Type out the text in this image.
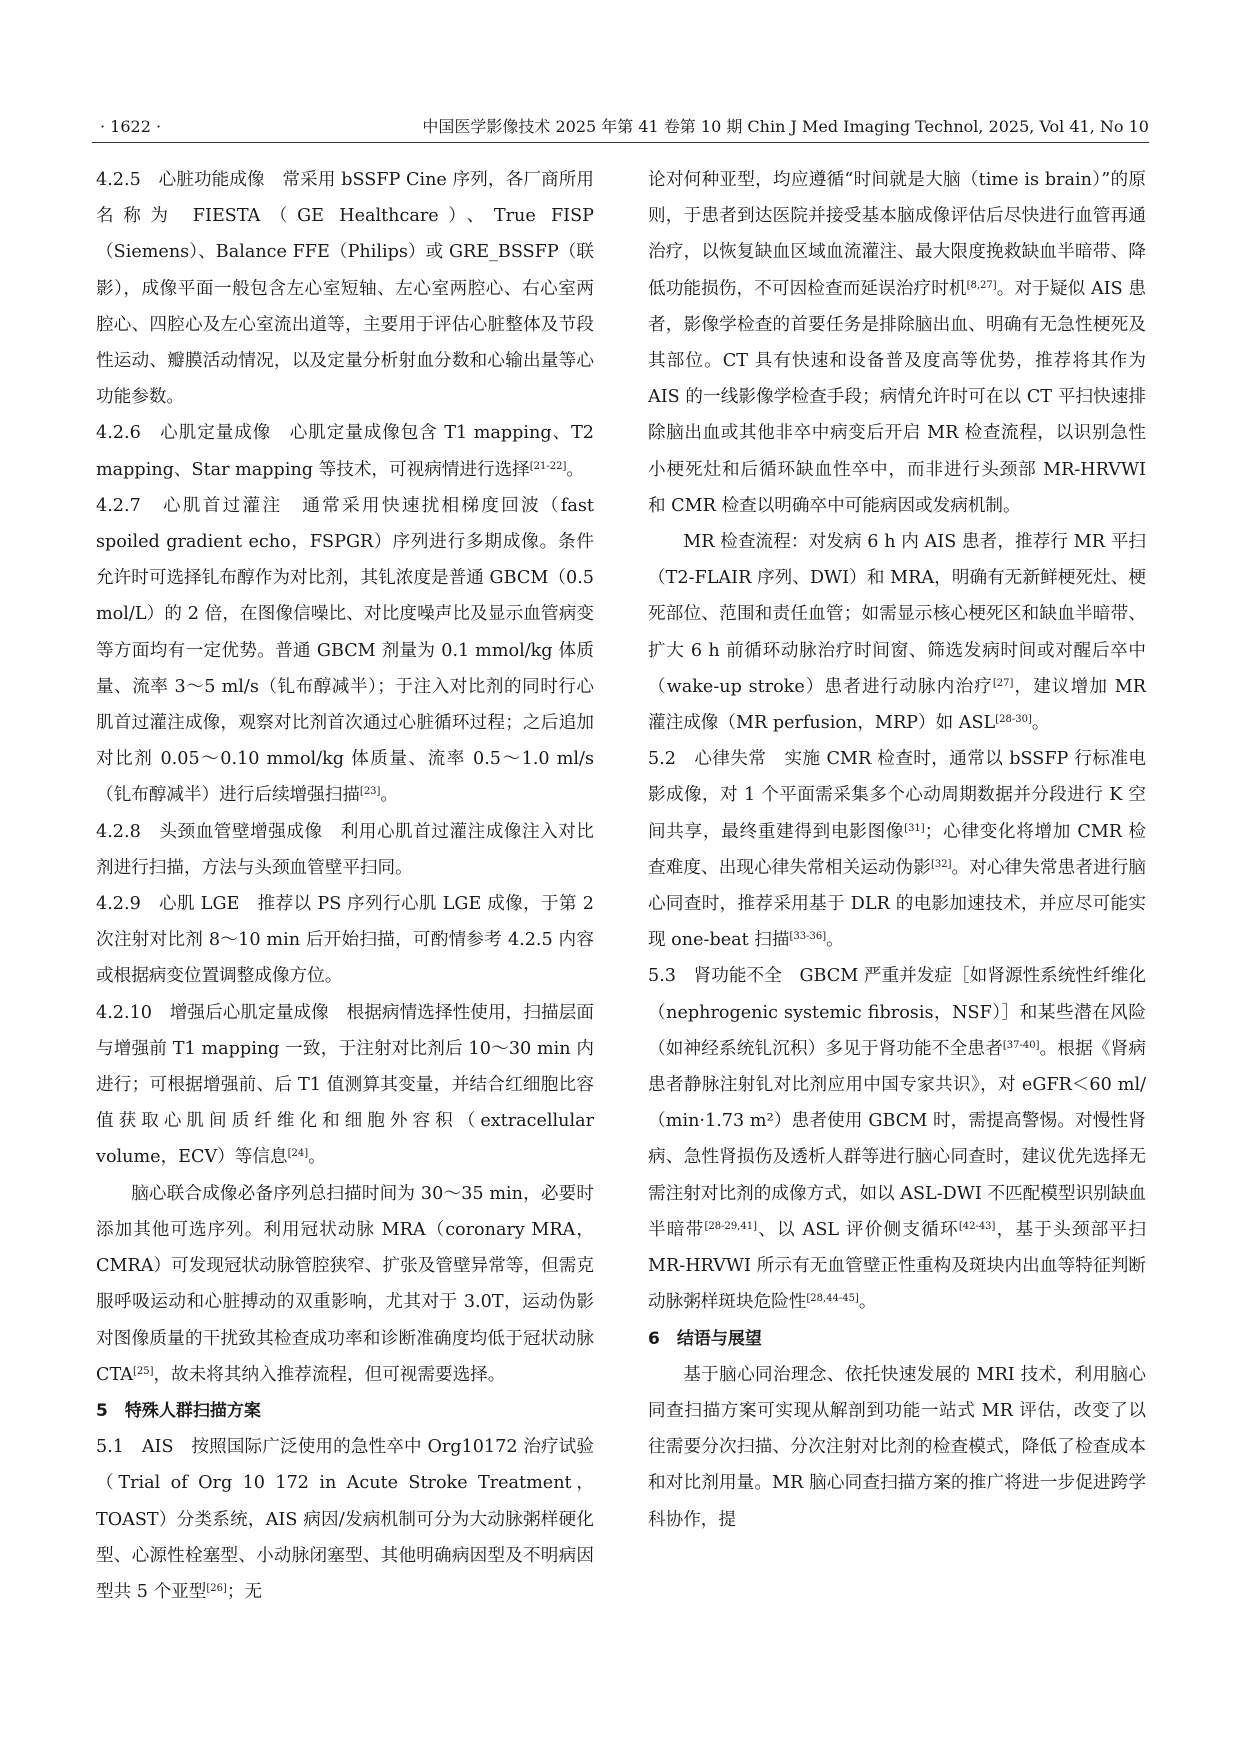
· 1622 ·	中国医学影像技术 2025 年第 41 卷第 10 期 Chin J Med Imaging Technol, 2025, Vol 41, No 10

4.2.5　心脏功能成像　常采用 bSSFP Cine 序列，各厂商所用名称为 FIESTA（GE Healthcare）、True FISP（Siemens）、Balance FFE（Philips）或 GRE_BSSFP（联影），成像平面一般包含左心室短轴、左心室两腔心、右心室两腔心、四腔心及左心室流出道等，主要用于评估心脏整体及节段性运动、瓣膜活动情况，以及定量分析射血分数和心输出量等心功能参数。

4.2.6　心肌定量成像　心肌定量成像包含 T1 mapping、T2 mapping、Star mapping 等技术，可视病情进行选择[21-22]。

4.2.7　心肌首过灌注　通常采用快速扰相梯度回波（fast spoiled gradient echo，FSPGR）序列进行多期成像。条件允许时可选择钆布醇作为对比剂，其钆浓度是普通 GBCM（0.5 mol/L）的 2 倍，在图像信噪比、对比度噪声比及显示血管病变等方面均有一定优势。普通 GBCM 剂量为 0.1 mmol/kg 体质量、流率 3～5 ml/s（钆布醇减半）；于注入对比剂的同时行心肌首过灌注成像，观察对比剂首次通过心脏循环过程；之后追加对比剂 0.05～0.10 mmol/kg 体质量、流率 0.5～1.0 ml/s（钆布醇减半）进行后续增强扫描[23]。

4.2.8　头颈血管壁增强成像　利用心肌首过灌注成像注入对比剂进行扫描，方法与头颈血管壁平扫同。

4.2.9　心肌 LGE　推荐以 PS 序列行心肌 LGE 成像，于第 2 次注射对比剂 8～10 min 后开始扫描，可酌情参考 4.2.5 内容或根据病变位置调整成像方位。

4.2.10　增强后心肌定量成像　根据病情选择性使用，扫描层面与增强前 T1 mapping 一致，于注射对比剂后 10～30 min 内进行；可根据增强前、后 T1 值测算其变量，并结合红细胞比容值获取心肌间质纤维化和细胞外容积（extracellular volume，ECV）等信息[24]。

脑心联合成像必备序列总扫描时间为 30～35 min，必要时添加其他可选序列。利用冠状动脉 MRA（coronary MRA，CMRA）可发现冠状动脉管腔狭窄、扩张及管壁异常等，但需克服呼吸运动和心脏搏动的双重影响，尤其对于 3.0T，运动伪影对图像质量的干扰致其检查成功率和诊断准确度均低于冠状动脉 CTA[25]，故未将其纳入推荐流程，但可视需要选择。

5　特殊人群扫描方案

5.1　AIS　按照国际广泛使用的急性卒中 Org10172 治疗试验（Trial of Org 10 172 in Acute Stroke Treatment，TOAST）分类系统，AIS 病因/发病机制可分为大动脉粥样硬化型、心源性栓塞型、小动脉闭塞型、其他明确病因型及不明病因型共 5 个亚型[26]；无

论对何种亚型，均应遵循“时间就是大脑（time is brain）”的原则，于患者到达医院并接受基本脑成像评估后尽快进行血管再通治疗，以恢复缺血区域血流灌注、最大限度挽救缺血半暗带、降低功能损伤，不可因检查而延误治疗时机[8,27]。对于疑似 AIS 患者，影像学检查的首要任务是排除脑出血、明确有无急性梗死及其部位。CT 具有快速和设备普及度高等优势，推荐将其作为 AIS 的一线影像学检查手段；病情允许时可在以 CT 平扫快速排除脑出血或其他非卒中病变后开启 MR 检查流程，以识别急性小梗死灶和后循环缺血性卒中，而非进行头颈部 MR-HRVWI 和 CMR 检查以明确卒中可能病因或发病机制。

MR 检查流程：对发病 6 h 内 AIS 患者，推荐行 MR 平扫（T2-FLAIR 序列、DWI）和 MRA，明确有无新鲜梗死灶、梗死部位、范围和责任血管；如需显示核心梗死区和缺血半暗带、扩大 6 h 前循环动脉治疗时间窗、筛选发病时间或对醒后卒中（wake-up stroke）患者进行动脉内治疗[27]，建议增加 MR 灌注成像（MR perfusion，MRP）如 ASL[28-30]。

5.2　心律失常　实施 CMR 检查时，通常以 bSSFP 行标准电影成像，对 1 个平面需采集多个心动周期数据并分段进行 K 空间共享，最终重建得到电影图像[31]；心律变化将增加 CMR 检查难度、出现心律失常相关运动伪影[32]。对心律失常患者进行脑心同查时，推荐采用基于 DLR 的电影加速技术，并应尽可能实现 one-beat 扫描[33-36]。

5.3　肾功能不全　GBCM 严重并发症［如肾源性系统性纤维化（nephrogenic systemic fibrosis，NSF）］和某些潜在风险（如神经系统钆沉积）多见于肾功能不全患者[37-40]。根据《肾病患者静脉注射钆对比剂应用中国专家共识》，对 eGFR＜60 ml/（min·1.73 m²）患者使用 GBCM 时，需提高警惕。对慢性肾病、急性肾损伤及透析人群等进行脑心同查时，建议优先选择无需注射对比剂的成像方式，如以 ASL-DWI 不匹配模型识别缺血半暗带[28-29,41]、以 ASL 评价侧支循环[42-43]，基于头颈部平扫 MR-HRVWI 所示有无血管壁正性重构及斑块内出血等特征判断动脉粥样斑块危险性[28,44-45]。

6　结语与展望

基于脑心同治理念、依托快速发展的 MRI 技术，利用脑心同查扫描方案可实现从解剖到功能一站式 MR 评估，改变了以往需要分次扫描、分次注射对比剂的检查模式，降低了检查成本和对比剂用量。MR 脑心同查扫描方案的推广将进一步促进跨学科协作，提
